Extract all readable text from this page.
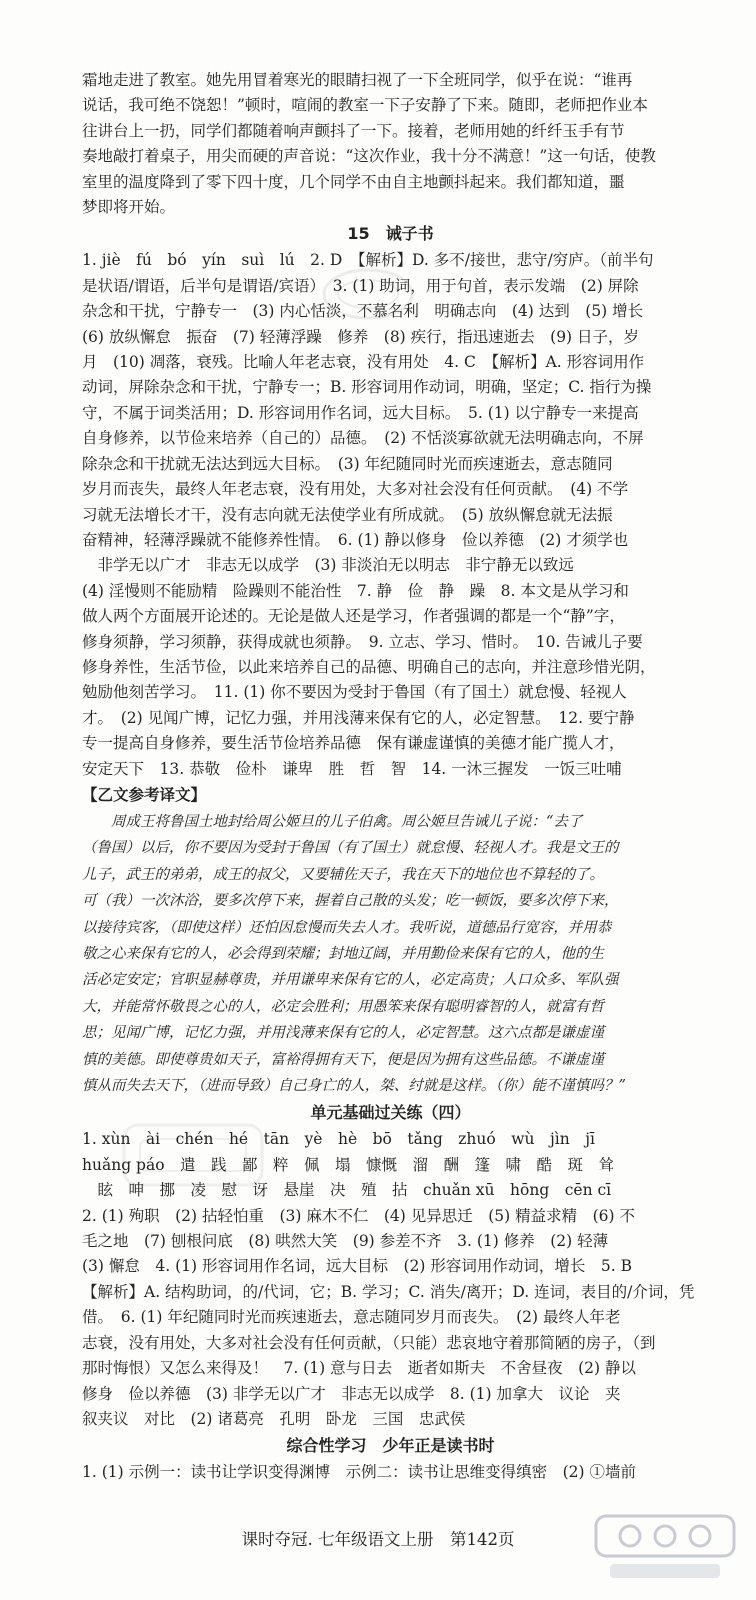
霜地走进了教室。她先用冒着寒光的眼睛扫视了一下全班同学，似乎在说：“谁再
说话，我可绝不饶恕！”顿时，喧闹的教室一下子安静了下来。随即，老师把作业本
往讲台上一扔，同学们都随着响声颤抖了一下。接着，老师用她的纤纤玉手有节
奏地敲打着桌子，用尖而硬的声音说：“这次作业，我十分不满意！”这一句话，使教
室里的温度降到了零下四十度，几个同学不由自主地颤抖起来。我们都知道，噩
梦即将开始。
15　诫子书
1. jiè　fú　bó　yín　suì　lú　2. D　【解析】D. 多不/接世，悲守/穷庐。（前半句
是状语/谓语，后半句是谓语/宾语）　3. (1) 助词，用于句首，表示发端　(2) 屏除
杂念和干扰，宁静专一　(3) 内心恬淡，不慕名利　明确志向　(4) 达到　(5) 增长
(6) 放纵懈怠　振奋　(7) 轻薄浮躁　修养　(8) 疾行，指迅速逝去　(9) 日子，岁
月　(10) 凋落，衰残。比喻人年老志衰，没有用处　4. C　【解析】A. 形容词用作
动词，屏除杂念和干扰，宁静专一；B. 形容词用作动词，明确，坚定；C. 指行为操
守，不属于词类活用；D. 形容词用作名词，远大目标。　5. (1) 以宁静专一来提高
自身修养，以节俭来培养（自己的）品德。　(2) 不恬淡寡欲就无法明确志向，不屏
除杂念和干扰就无法达到远大目标。　(3) 年纪随同时光而疾速逝去，意志随同
岁月而丧失，最终人年老志衰，没有用处，大多对社会没有任何贡献。　(4) 不学
习就无法增长才干，没有志向就无法使学业有所成就。　(5) 放纵懈怠就无法振
奋精神，轻薄浮躁就不能修养性情。　6. (1) 静以修身　俭以养德　(2) 才须学也
　非学无以广才　非志无以成学　(3) 非淡泊无以明志　非宁静无以致远
(4) 淫慢则不能励精　险躁则不能治性　7. 静　俭　静　躁　8. 本文是从学习和
做人两个方面展开论述的。无论是做人还是学习，作者强调的都是一个“静”字，
修身须静，学习须静，获得成就也须静。　9. 立志、学习、惜时。　10. 告诫儿子要
修身养性，生活节俭，以此来培养自己的品德、明确自己的志向，并注意珍惜光阴，
勉励他刻苦学习。　11. (1) 你不要因为受封于鲁国（有了国土）就怠慢、轻视人
才。　(2) 见闻广博，记忆力强，并用浅薄来保有它的人，必定智慧。　12. 要宁静
专一提高自身修养，要生活节俭培养品德　保有谦虚谨慎的美德才能广揽人才，
安定天下　13. 恭敬　俭朴　谦卑　胜　哲　智　14. 一沐三握发　一饭三吐哺
【乙文参考译文】
　　周成王将鲁国土地封给周公姬旦的儿子伯禽。周公姬旦告诫儿子说：“去了
（鲁国）以后，你不要因为受封于鲁国（有了国土）就怠慢、轻视人才。我是文王的
儿子，武王的弟弟，成王的叔父，又要辅佐天子，我在天下的地位也不算轻的了。
可（我）一次沐浴，要多次停下来，握着自己散的头发；吃一顿饭，要多次停下来，
以接待宾客，（即使这样）还怕因怠慢而失去人才。我听说，道德品行宽容，并用恭
敬之心来保有它的人，必会得到荣耀；封地辽阔，并用勤俭来保有它的人，他的生
活必定安定；官职显赫尊贵，并用谦卑来保有它的人，必定高贵；人口众多、军队强
大，并能常怀敬畏之心的人，必定会胜利；用愚笨来保有聪明睿智的人，就富有哲
思；见闻广博，记忆力强，并用浅薄来保有它的人，必定智慧。这六点都是谦虚谨
慎的美德。即使尊贵如天子，富裕得拥有天下，便是因为拥有这些品德。不谦虚谨
慎从而失去天下，（进而导致）自己身亡的人，桀、纣就是这样。（你）能不谨慎吗？”
单元基础过关练（四）
1. xùn　ài　chén　hé　tān　yè　hè　bō　tǎng　zhuó　wù　jìn　jī
huǎng páo　遣　践　鄙　粹　佩　塌　慷慨　溜　酬　篷　啸　酷　斑　耸
　眩　呻　挪　凌　慰　讶　悬崖　决　殖　拈　chuǎn xū　hōng　cēn cī
2. (1) 殉职　(2) 拈轻怕重　(3) 麻木不仁　(4) 见异思迁　(5) 精益求精　(6) 不
毛之地　(7) 刨根问底　(8) 哄然大笑　(9) 参差不齐　3. (1) 修养　(2) 轻薄
(3) 懈怠　4. (1) 形容词用作名词，远大目标　(2) 形容词用作动词，增长　5. B
【解析】A. 结构助词，的/代词，它；B. 学习；C. 消失/离开；D. 连词，表目的/介词，凭
借。　6. (1) 年纪随同时光而疾速逝去，意志随同岁月而丧失。　(2) 最终人年老
志衰，没有用处，大多对社会没有任何贡献，（只能）悲哀地守着那简陋的房子，（到
那时悔恨）又怎么来得及！　7. (1) 意与日去　逝者如斯夫　不舍昼夜　(2) 静以
修身　俭以养德　(3) 非学无以广才　非志无以成学　8. (1) 加拿大　议论　夹
叙夹议　对比　(2) 诸葛亮　孔明　卧龙　三国　忠武侯
综合性学习　少年正是读书时
1. (1) 示例一：读书让学识变得渊博　示例二：读书让思维变得缜密　(2) ①墙前
课时夺冠. 七年级语文上册　第142页
